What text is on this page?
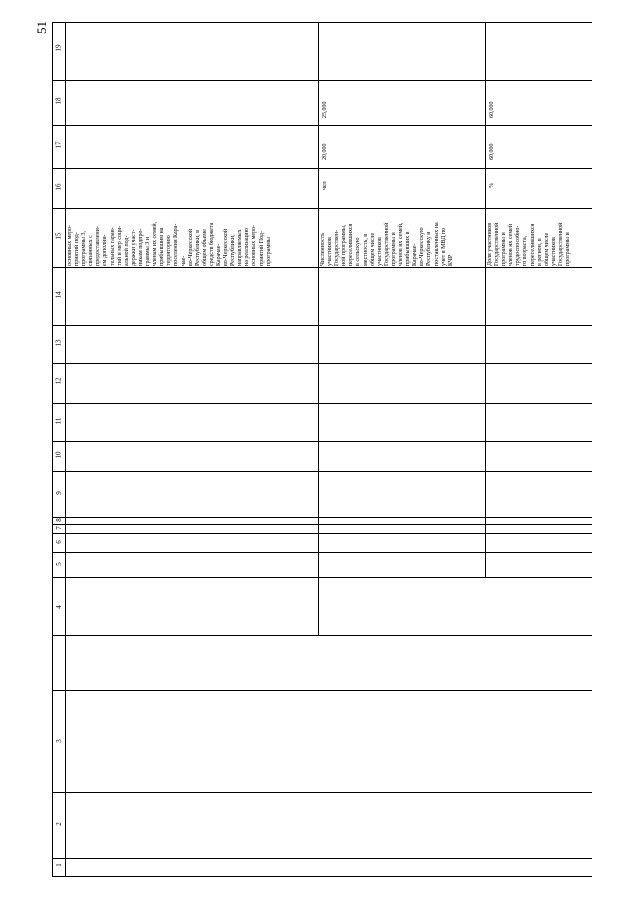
51
19
18
17
16
15
14
13
12
11
10
9
8
7
6
5
4
3
2
1
чел
20,000
25,000
%
60,000
60,000
основных меро- приятий под- программы 3, связанных с предоставлени- ем дополни- тельных гаран- тий и мер соци- альной под- держки участ- никам подпро- граммы 3 и членам их семей, прибывшим на территорию поселения Кара- чае- во-Черкесской Республики, в общем объеме средств бюджета Карачае- во-Черкесской Республики, направляемых на реализацию основных меро- приятий Под- программы	Численность участников Государствен- ной программы, переселившихся в сельскую местность, в общем числе участников Государственной программы и членов их семей, прибывших в Карачае- во-Черкесскую Республику и поставленных на учет в МВД по КЧР	Доля участников Государственной программы и членов их семей трудоспособно- го возраста, переселившихся в регион, в общем числе участников Государственной программы и
